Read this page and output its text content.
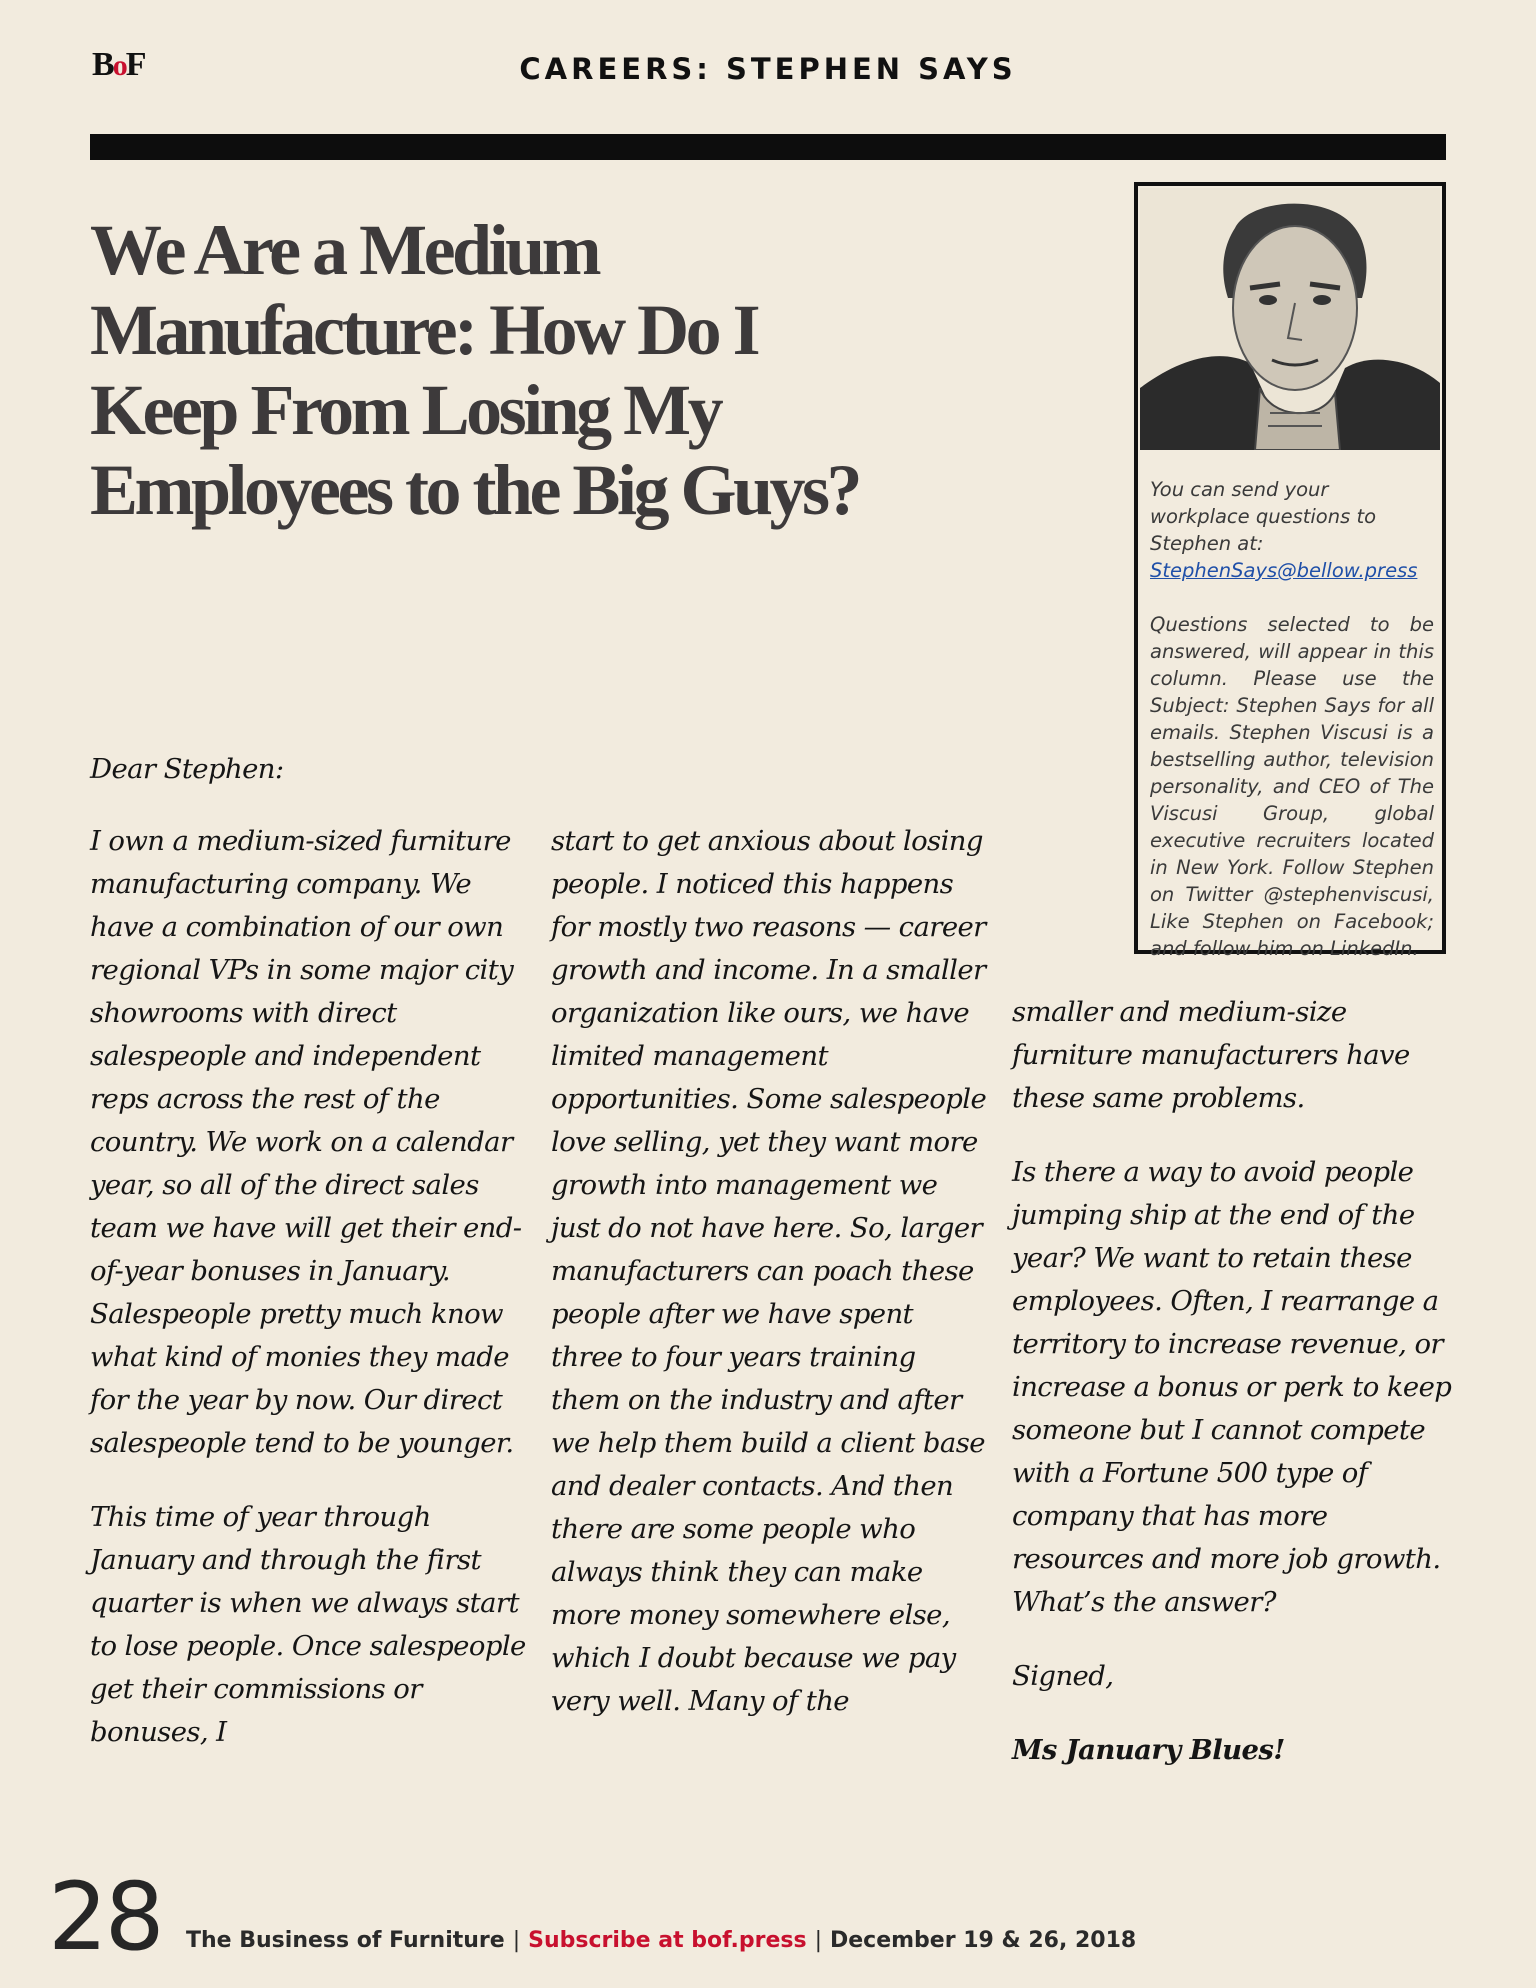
BoF	CAREERS: STEPHEN SAYS
We Are a Medium Manufacture: How Do I Keep From Losing My Employees to the Big Guys?	You can send your workplace questions to Stephen at:
StephenSays@bellow.press

Questions selected to be answered, will appear in this column. Please use the Subject: Stephen Says for all emails. Stephen Viscusi is a bestselling author, television personality, and CEO of The Viscusi Group, global executive recruiters located in New York. Follow Stephen on Twitter @stephenviscusi, Like Stephen on Facebook; and follow him on LinkedIn.

Dear Stephen:

I own a medium-sized furniture manufacturing company. We have a combination of our own regional VPs in some major city showrooms with direct salespeople and independent reps across the rest of the country. We work on a calendar year, so all of the direct sales team we have will get their end-of-year bonuses in January. Salespeople pretty much know what kind of monies they made for the year by now. Our direct salespeople tend to be younger.

This time of year through January and through the first quarter is when we always start to lose people. Once salespeople get their commissions or bonuses, I

start to get anxious about losing people. I noticed this happens for mostly two reasons — career growth and income. In a smaller organization like ours, we have limited management opportunities. Some salespeople love selling, yet they want more growth into management we just do not have here. So, larger manufacturers can poach these people after we have spent three to four years training them on the industry and after we help them build a client base and dealer contacts. And then there are some people who always think they can make more money somewhere else, which I doubt because we pay very well. Many of the

smaller and medium-size furniture manufacturers have these same problems.

Is there a way to avoid people jumping ship at the end of the year? We want to retain these employees. Often, I rearrange a territory to increase revenue, or increase a bonus or perk to keep someone but I cannot compete with a Fortune 500 type of company that has more resources and more job growth. What’s the answer?

Signed,

Ms January Blues!

28 The Business of Furniture | Subscribe at bof.press | December 19 & 26, 2018
